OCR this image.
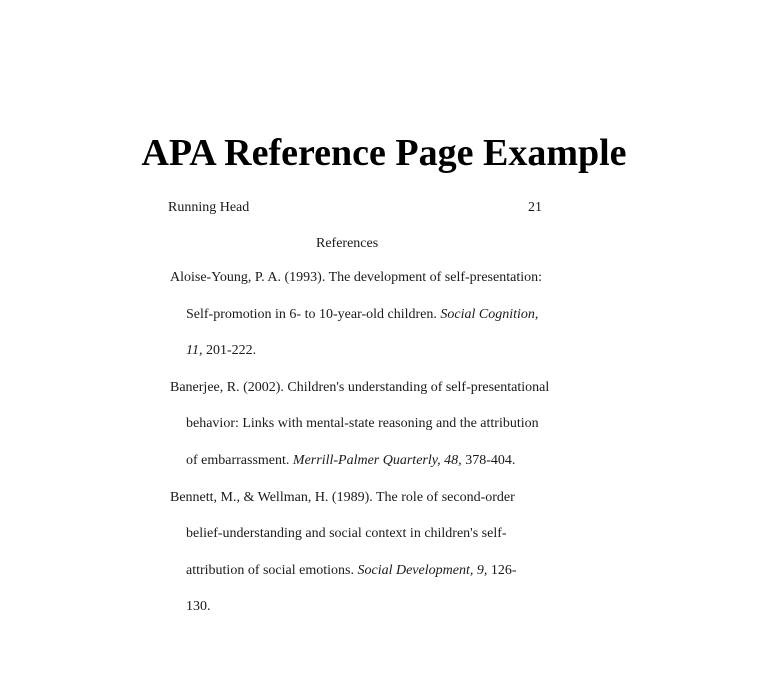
APA Reference Page Example
Running Head	21
References
Aloise-Young, P. A. (1993). The development of self-presentation:
Self-promotion in 6- to 10-year-old children. Social Cognition,
11, 201-222.
Banerjee, R. (2002). Children's understanding of self-presentational
behavior: Links with mental-state reasoning and the attribution
of embarrassment. Merrill-Palmer Quarterly, 48, 378-404.
Bennett, M., & Wellman, H. (1989). The role of second-order
belief-understanding and social context in children's self-
attribution of social emotions. Social Development, 9, 126-
130.
